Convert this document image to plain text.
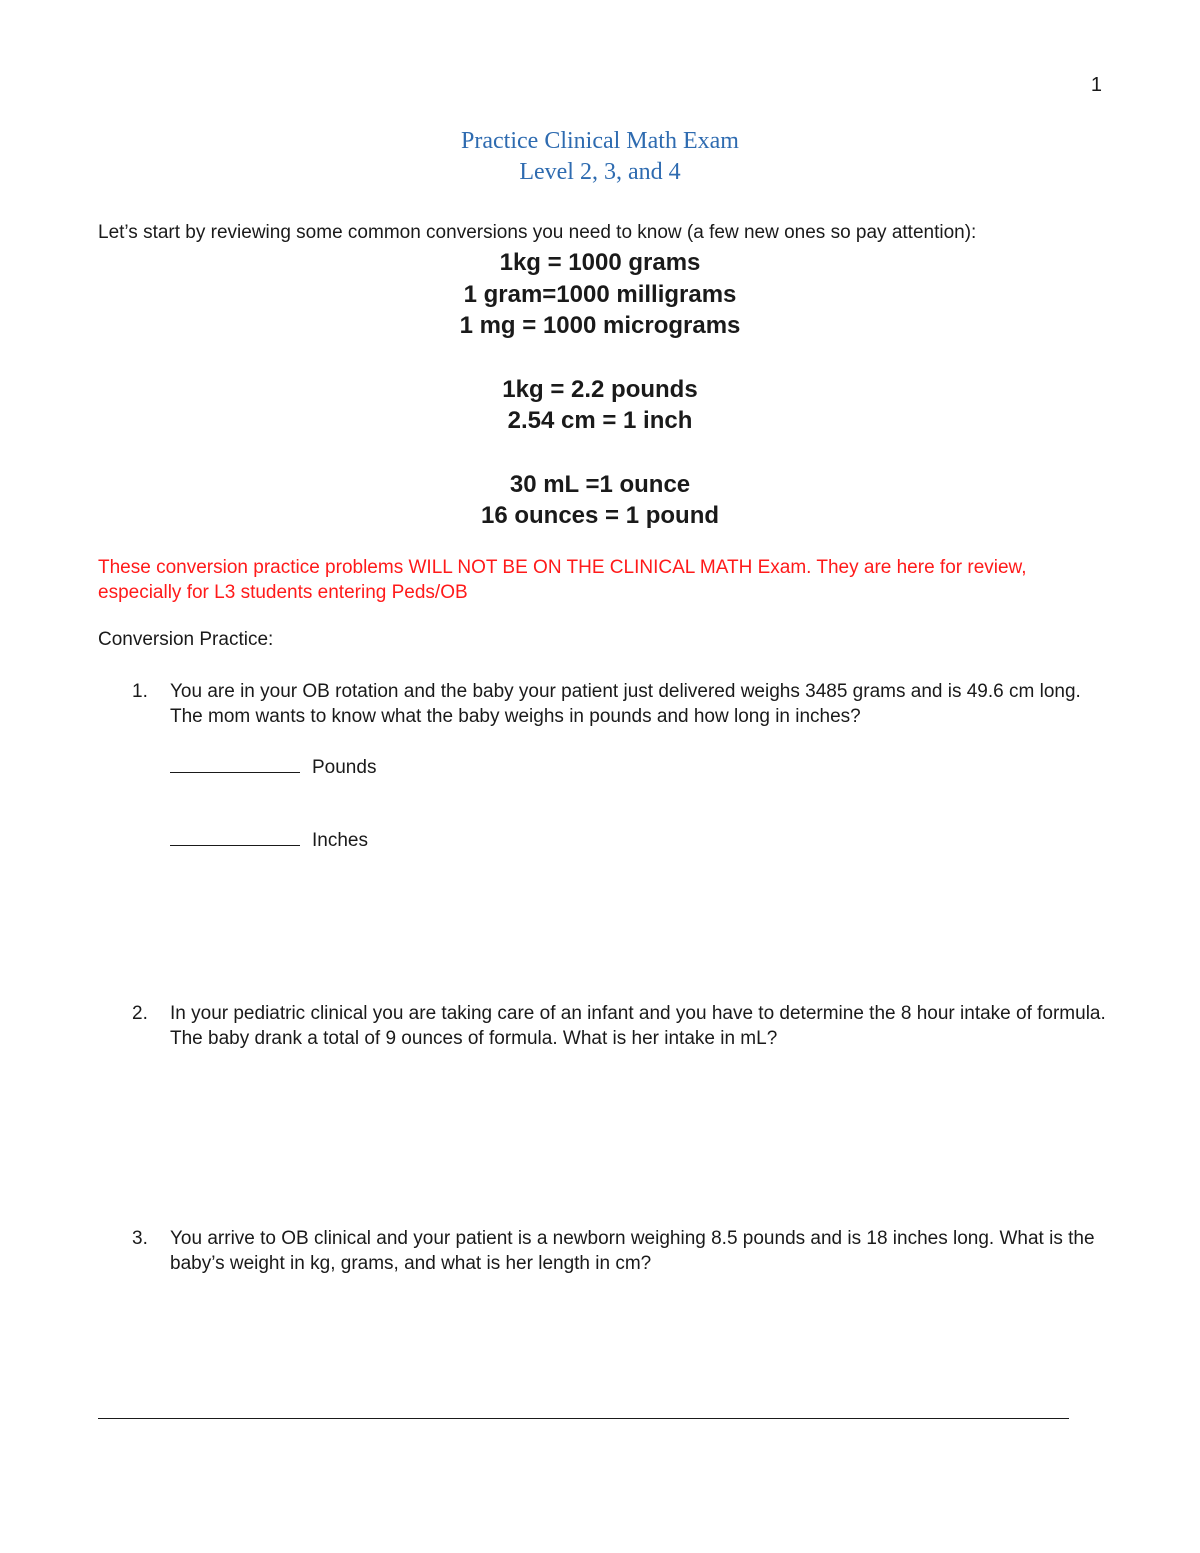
1
Practice Clinical Math Exam
Level 2, 3, and 4
Let’s start by reviewing some common conversions you need to know (a few new ones so pay attention):
1kg = 1000 grams
1 gram=1000 milligrams
1 mg = 1000 micrograms
1kg = 2.2 pounds
2.54 cm = 1 inch
30 mL =1 ounce
16 ounces = 1 pound
These conversion practice problems WILL NOT BE ON THE CLINICAL MATH Exam. They are here for review, especially for L3 students entering Peds/OB
Conversion Practice:
1. You are in your OB rotation and the baby your patient just delivered weighs 3485 grams and is 49.6 cm long. The mom wants to know what the baby weighs in pounds and how long in inches?
Pounds
Inches
2. In your pediatric clinical you are taking care of an infant and you have to determine the 8 hour intake of formula. The baby drank a total of 9 ounces of formula. What is her intake in mL?
3. You arrive to OB clinical and your patient is a newborn weighing 8.5 pounds and is 18 inches long. What is the baby’s weight in kg, grams, and what is her length in cm?
